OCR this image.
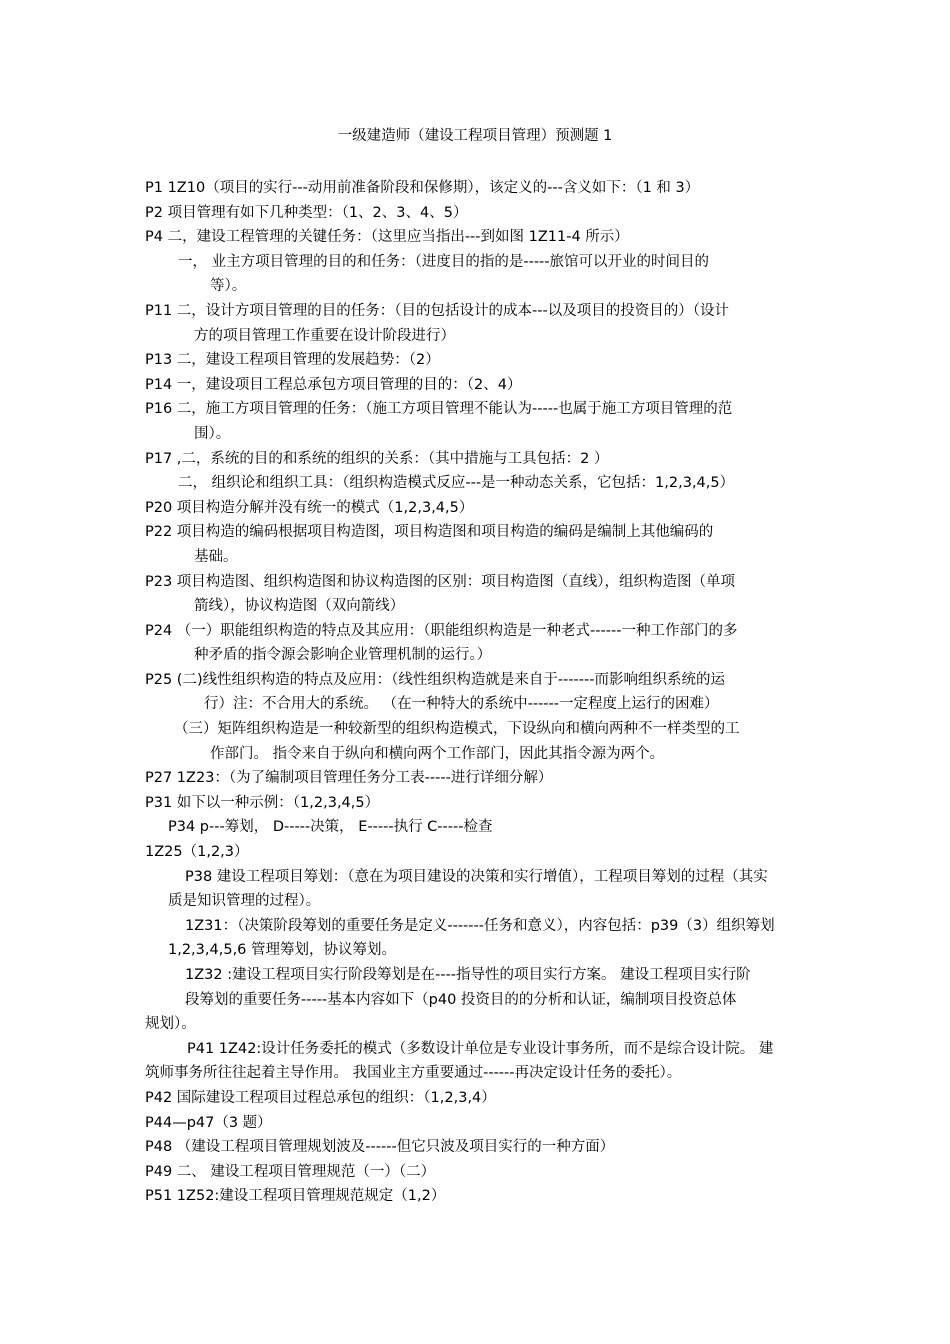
一级建造师（建设工程项目管理）预测题 1
P1 1Z10（项目的实行---动用前准备阶段和保修期），该定义的---含义如下：（1 和 3）
P2 项目管理有如下几种类型：（1、2、3、4、5）
P4 二，建设工程管理的关键任务：（这里应当指出---到如图 1Z11-4 所示）
一， 业主方项目管理的目的和任务：（进度目的指的是-----旅馆可以开业的时间目的
等）。
P11 二，设计方项目管理的目的任务：（目的包括设计的成本---以及项目的投资目的）（设计
方的项目管理工作重要在设计阶段进行）
P13 二，建设工程项目管理的发展趋势：（2）
P14 一，建设项目工程总承包方项目管理的目的：（2、4）
P16 二，施工方项目管理的任务：（施工方项目管理不能认为-----也属于施工方项目管理的范
围）。
P17 ,二，系统的目的和系统的组织的关系：（其中措施与工具包括：2 ）
二， 组织论和组织工具：（组织构造模式反应---是一种动态关系，它包括：1,2,3,4,5）
P20 项目构造分解并没有统一的模式（1,2,3,4,5）
P22 项目构造的编码根据项目构造图，项目构造图和项目构造的编码是编制上其他编码的
基础。
P23 项目构造图、组织构造图和协议构造图的区别：项目构造图（直线），组织构造图（单项
箭线），协议构造图（双向箭线）
P24 （一）职能组织构造的特点及其应用：（职能组织构造是一种老式------一种工作部门的多
种矛盾的指令源会影响企业管理机制的运行。）
P25 (二)线性组织构造的特点及应用：（线性组织构造就是来自于-------而影响组织系统的运
行）注：不合用大的系统。 （在一种特大的系统中------一定程度上运行的困难）
（三）矩阵组织构造是一种较新型的组织构造模式，下设纵向和横向两种不一样类型的工
作部门。 指令来自于纵向和横向两个工作部门，因此其指令源为两个。
P27 1Z23：（为了编制项目管理任务分工表-----进行详细分解）
P31 如下以一种示例：（1,2,3,4,5）
P34 p---筹划， D-----决策， E-----执行 C-----检查
1Z25（1,2,3）
P38 建设工程项目筹划：（意在为项目建设的决策和实行增值），工程项目筹划的过程（其实
质是知识管理的过程）。
1Z31：（决策阶段筹划的重要任务是定义-------任务和意义），内容包括：p39（3）组织筹划
1,2,3,4,5,6 管理筹划，协议筹划。
1Z32 :建设工程项目实行阶段筹划是在----指导性的项目实行方案。 建设工程项目实行阶
段筹划的重要任务-----基本内容如下（p40 投资目的的分析和认证，编制项目投资总体
规划）。
P41 1Z42:设计任务委托的模式（多数设计单位是专业设计事务所，而不是综合设计院。 建
筑师事务所往往起着主导作用。 我国业主方重要通过------再决定设计任务的委托）。
P42 国际建设工程项目过程总承包的组织：（1,2,3,4）
P44—p47（3 题）
P48 （建设工程项目管理规划波及------但它只波及项目实行的一种方面）
P49 二、 建设工程项目管理规范（一）（二）
P51 1Z52:建设工程项目管理规范规定（1,2）
